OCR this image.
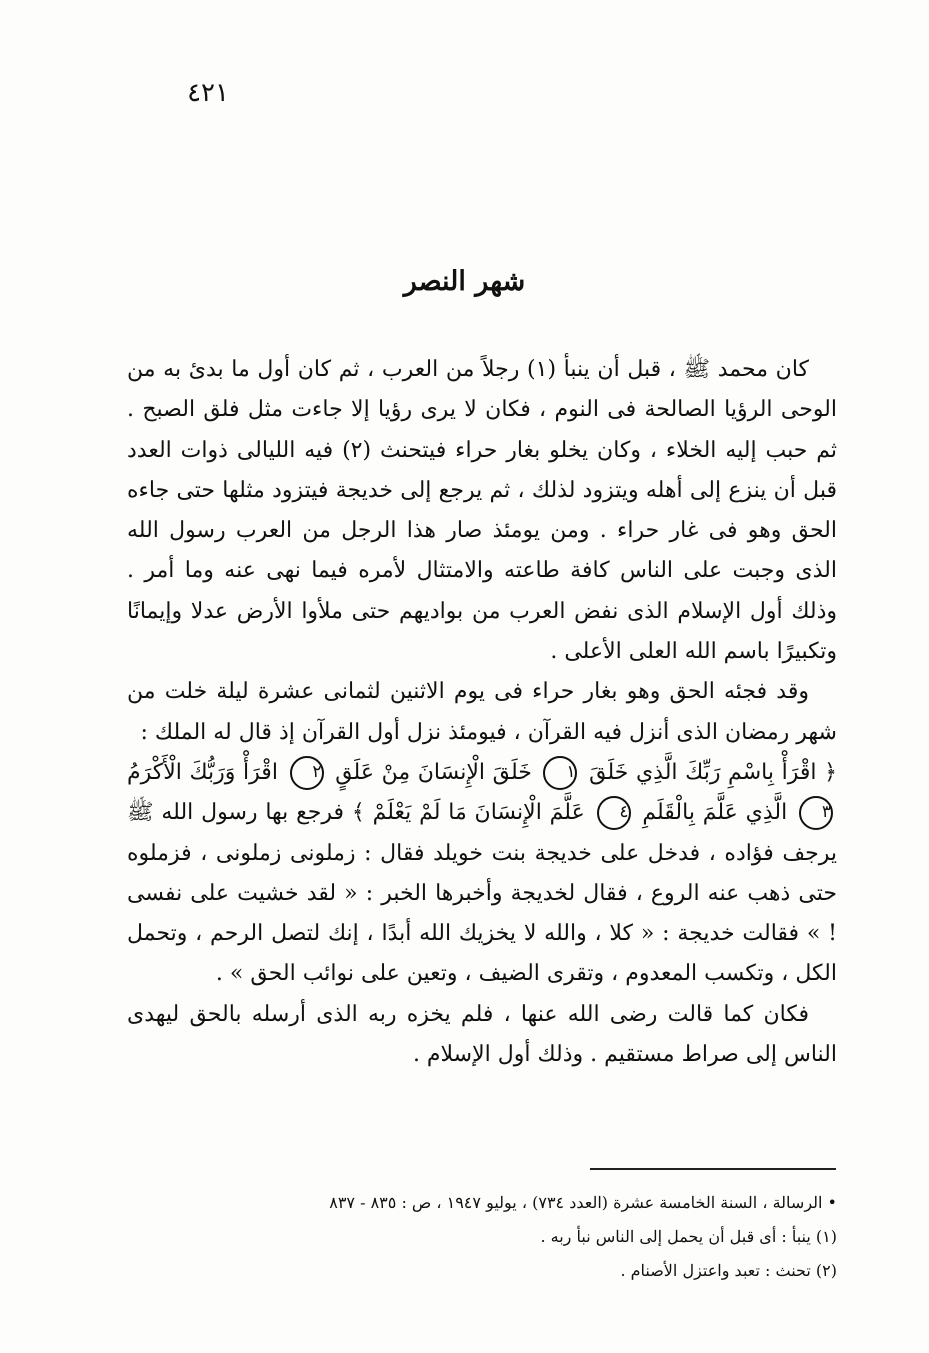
٤٢١
شهر النصر

كان محمد ﷺ ، قبل أن ينبأ (١) رجلاً من العرب ، ثم كان أول ما بدئ به من الوحى الرؤيا الصالحة فى النوم ، فكان لا يرى رؤيا إلا جاءت مثل فلق الصبح . ثم حبب إليه الخلاء ، وكان يخلو بغار حراء فيتحنث (٢) فيه الليالى ذوات العدد قبل أن ينزع إلى أهله ويتزود لذلك ، ثم يرجع إلى خديجة فيتزود مثلها حتى جاءه الحق وهو فى غار حراء . ومن يومئذ صار هذا الرجل من العرب رسول الله الذى وجبت على الناس كافة طاعته والامتثال لأمره فيما نهى عنه وما أمر . وذلك أول الإسلام الذى نفض العرب من بواديهم حتى ملأوا الأرض عدلا وإيمانًا وتكبيرًا باسم الله العلى الأعلى .

وقد فجئه الحق وهو بغار حراء فى يوم الاثنين لثمانى عشرة ليلة خلت من شهر رمضان الذى أنزل فيه القرآن ، فيومئذ نزل أول القرآن إذ قال له الملك :

﴿ اقْرَأْ بِاسْمِ رَبِّكَ الَّذِي خَلَقَ ١ خَلَقَ الْإِنسَانَ مِنْ عَلَقٍ ٢ اقْرَأْ وَرَبُّكَ الْأَكْرَمُ ٣ الَّذِي عَلَّمَ بِالْقَلَمِ ٤ عَلَّمَ الْإِنسَانَ مَا لَمْ يَعْلَمْ ﴾ فرجع بها رسول الله ﷺ يرجف فؤاده ، فدخل على خديجة بنت خويلد فقال : زملونى زملونى ، فزملوه حتى ذهب عنه الروع ، فقال لخديجة وأخبرها الخبر : « لقد خشيت على نفسى ! » فقالت خديجة : « كلا ، والله لا يخزيك الله أبدًا ، إنك لتصل الرحم ، وتحمل الكل ، وتكسب المعدوم ، وتقرى الضيف ، وتعين على نوائب الحق » .

فكان كما قالت رضى الله عنها ، فلم يخزه ربه الذى أرسله بالحق ليهدى الناس إلى صراط مستقيم . وذلك أول الإسلام .

• الرسالة ، السنة الخامسة عشرة (العدد ٧٣٤) ، يوليو ١٩٤٧ ، ص : ٨٣٥ - ٨٣٧
(١) ينبأ : أى قبل أن يحمل إلى الناس نبأ ربه .
(٢) تحنث : تعبد واعتزل الأصنام .
